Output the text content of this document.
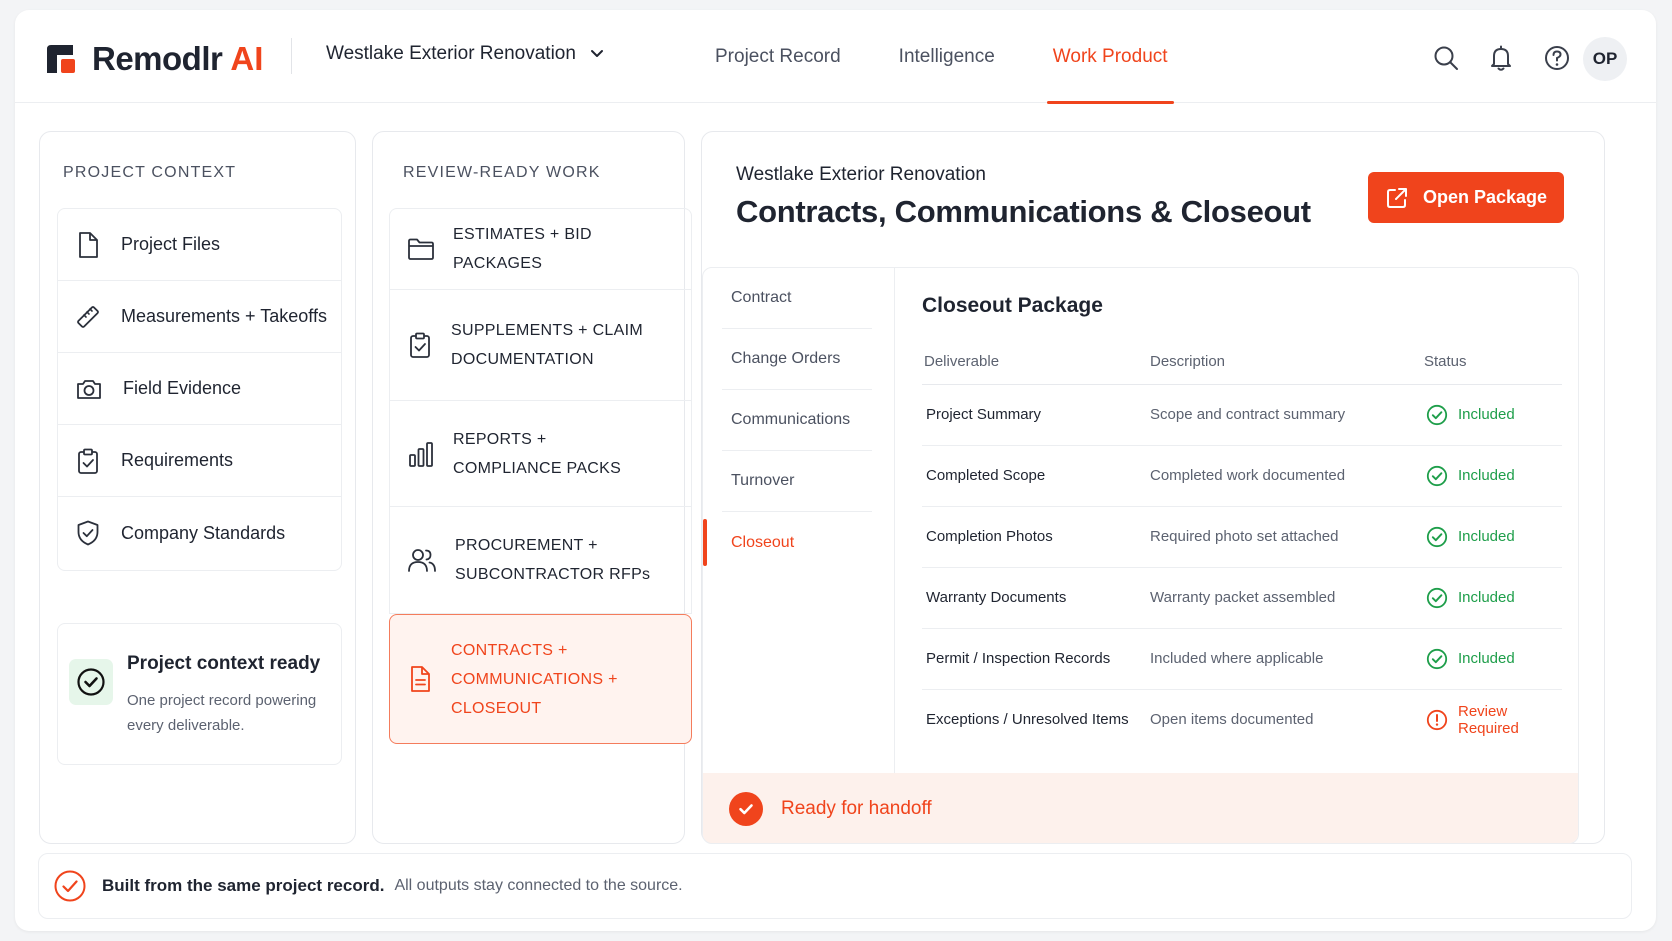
Remodlr AI	Westlake Exterior Renovation	Project Record	Intelligence	Work Product	OP
PROJECT CONTEXT
Project Files
Measurements + Takeoffs
Field Evidence
Requirements
Company Standards
Project context ready
One project record powering every deliverable.
REVIEW-READY WORK
ESTIMATES + BID PACKAGES
SUPPLEMENTS + CLAIM DOCUMENTATION
REPORTS + COMPLIANCE PACKS
PROCUREMENT + SUBCONTRACTOR RFPs
CONTRACTS + COMMUNICATIONS + CLOSEOUT
Westlake Exterior Renovation
Contracts, Communications & Closeout	Open Package
Contract
Change Orders
Communications
Turnover
Closeout
Closeout Package
Deliverable	Description	Status
Project Summary	Scope and contract summary	Included

Completed Scope	Completed work documented	Included

Completion Photos	Required photo set attached	Included

Warranty Documents	Warranty packet assembled	Included

Permit / Inspection Records	Included where applicable	Included

Exceptions / Unresolved Items	Open items documented	Review Required
Ready for handoff
Built from the same project record. All outputs stay connected to the source.
